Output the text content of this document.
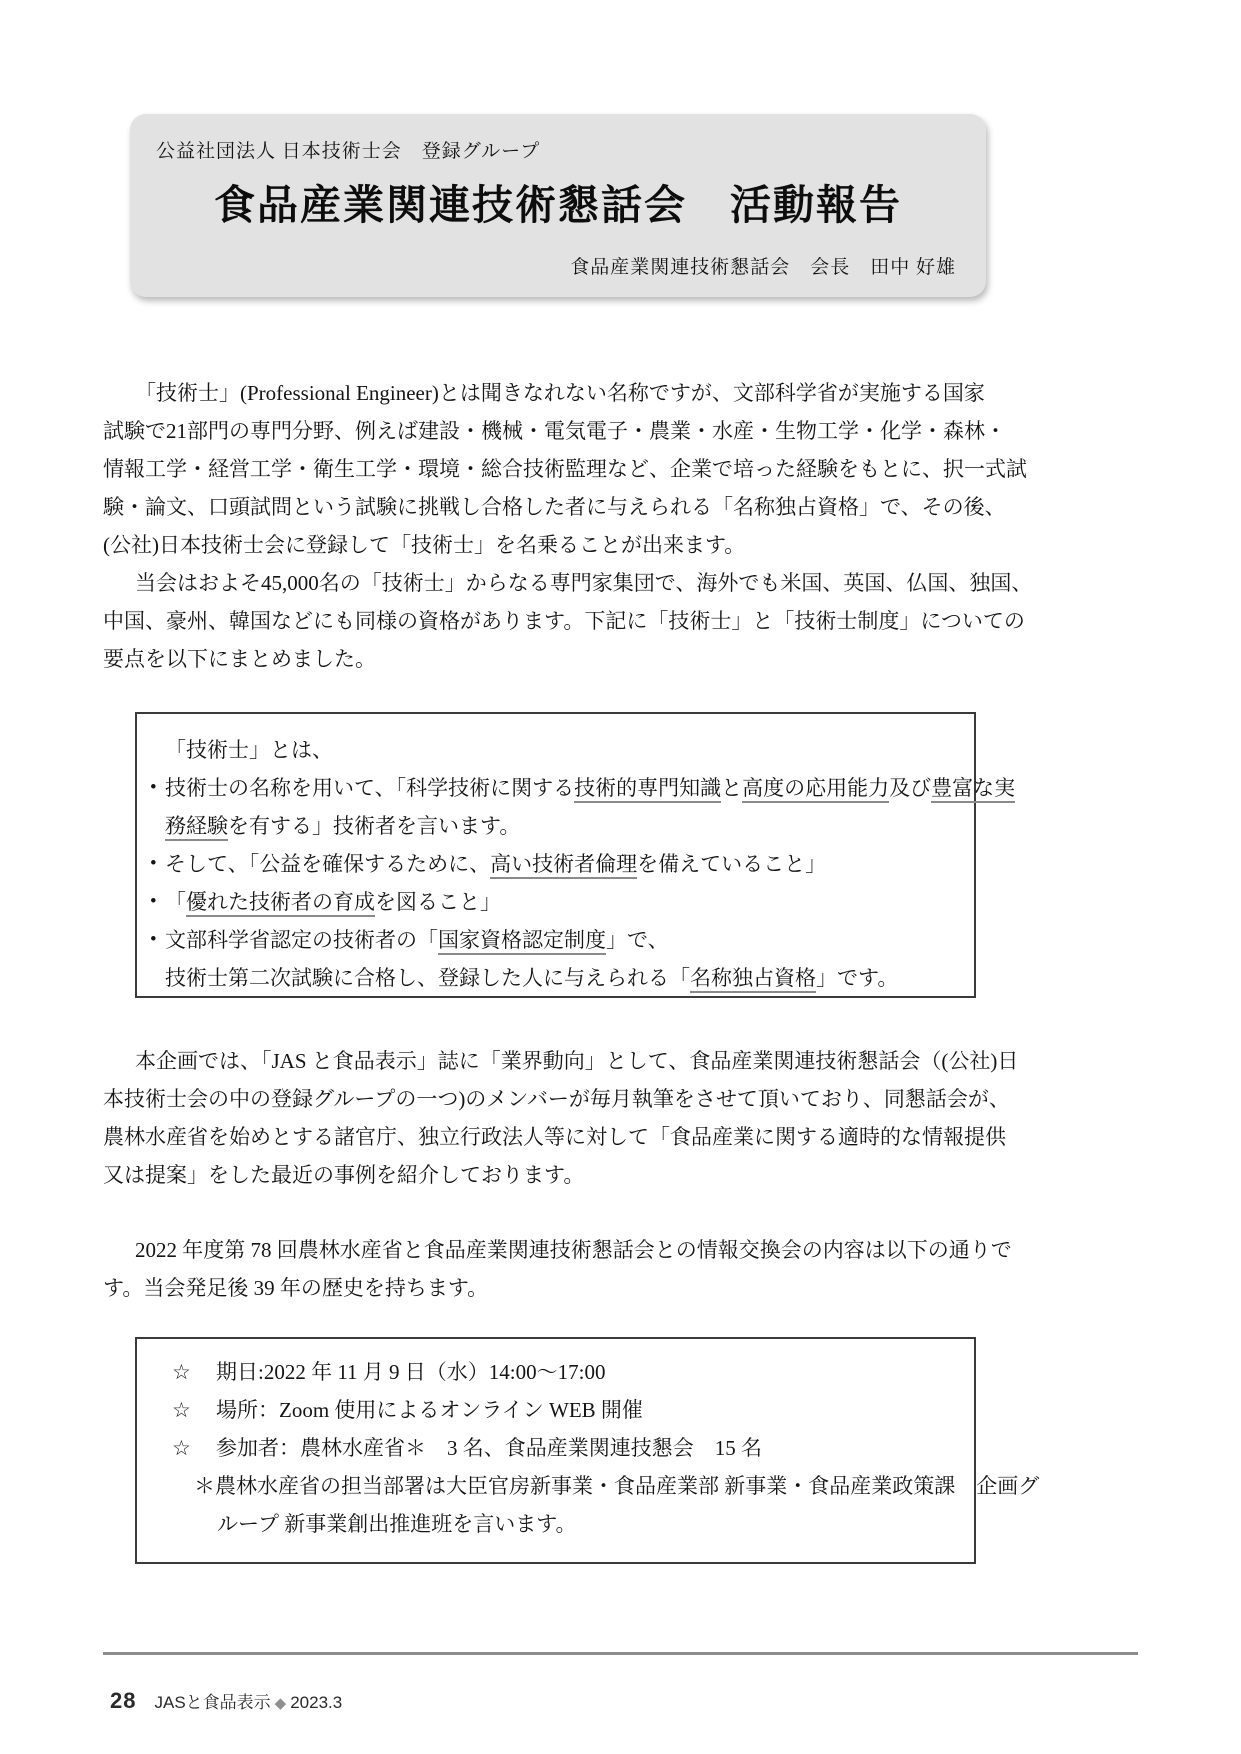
公益社団法人 日本技術士会　登録グループ
食品産業関連技術懇話会　活動報告
食品産業関連技術懇話会　会長　田中 好雄
「技術士」(Professional Engineer)とは聞きなれない名称ですが、文部科学省が実施する国家
試験で21部門の専門分野、例えば建設・機械・電気電子・農業・水産・生物工学・化学・森林・
情報工学・経営工学・衛生工学・環境・総合技術監理など、企業で培った経験をもとに、択一式試
験・論文、口頭試問という試験に挑戦し合格した者に与えられる「名称独占資格」で、その後、
(公社)日本技術士会に登録して「技術士」を名乗ることが出来ます。
当会はおよそ45,000名の「技術士」からなる専門家集団で、海外でも米国、英国、仏国、独国、
中国、豪州、韓国などにも同様の資格があります。下記に「技術士」と「技術士制度」についての
要点を以下にまとめました。
「技術士」とは、
• 技術士の名称を用いて、「科学技術に関する技術的専門知識と高度の応用能力及び豊富な実
務経験を有する」技術者を言います。
• そして、「公益を確保するために、高い技術者倫理を備えていること」
• 「優れた技術者の育成を図ること」
• 文部科学省認定の技術者の「国家資格認定制度」で、
技術士第二次試験に合格し、登録した人に与えられる「名称独占資格」です。
本企画では、「JAS と食品表示」誌に「業界動向」として、食品産業関連技術懇話会（(公社)日
本技術士会の中の登録グループの一つ)のメンバーが毎月執筆をさせて頂いており、同懇話会が、
農林水産省を始めとする諸官庁、独立行政法人等に対して「食品産業に関する適時的な情報提供
又は提案」をした最近の事例を紹介しております。
2022 年度第 78 回農林水産省と食品産業関連技術懇話会との情報交換会の内容は以下の通りで
す。当会発足後 39 年の歴史を持ちます。
☆ 期日:2022 年 11 月 9 日（水）14:00～17:00
☆ 場所：Zoom 使用によるオンライン WEB 開催
☆ 参加者：農林水産省＊　3 名、食品産業関連技懇会　15 名
＊農林水産省の担当部署は大臣官房新事業・食品産業部 新事業・食品産業政策課　企画グ
ループ 新事業創出推進班を言います。
28 JASと食品表示 ◆ 2023.3
